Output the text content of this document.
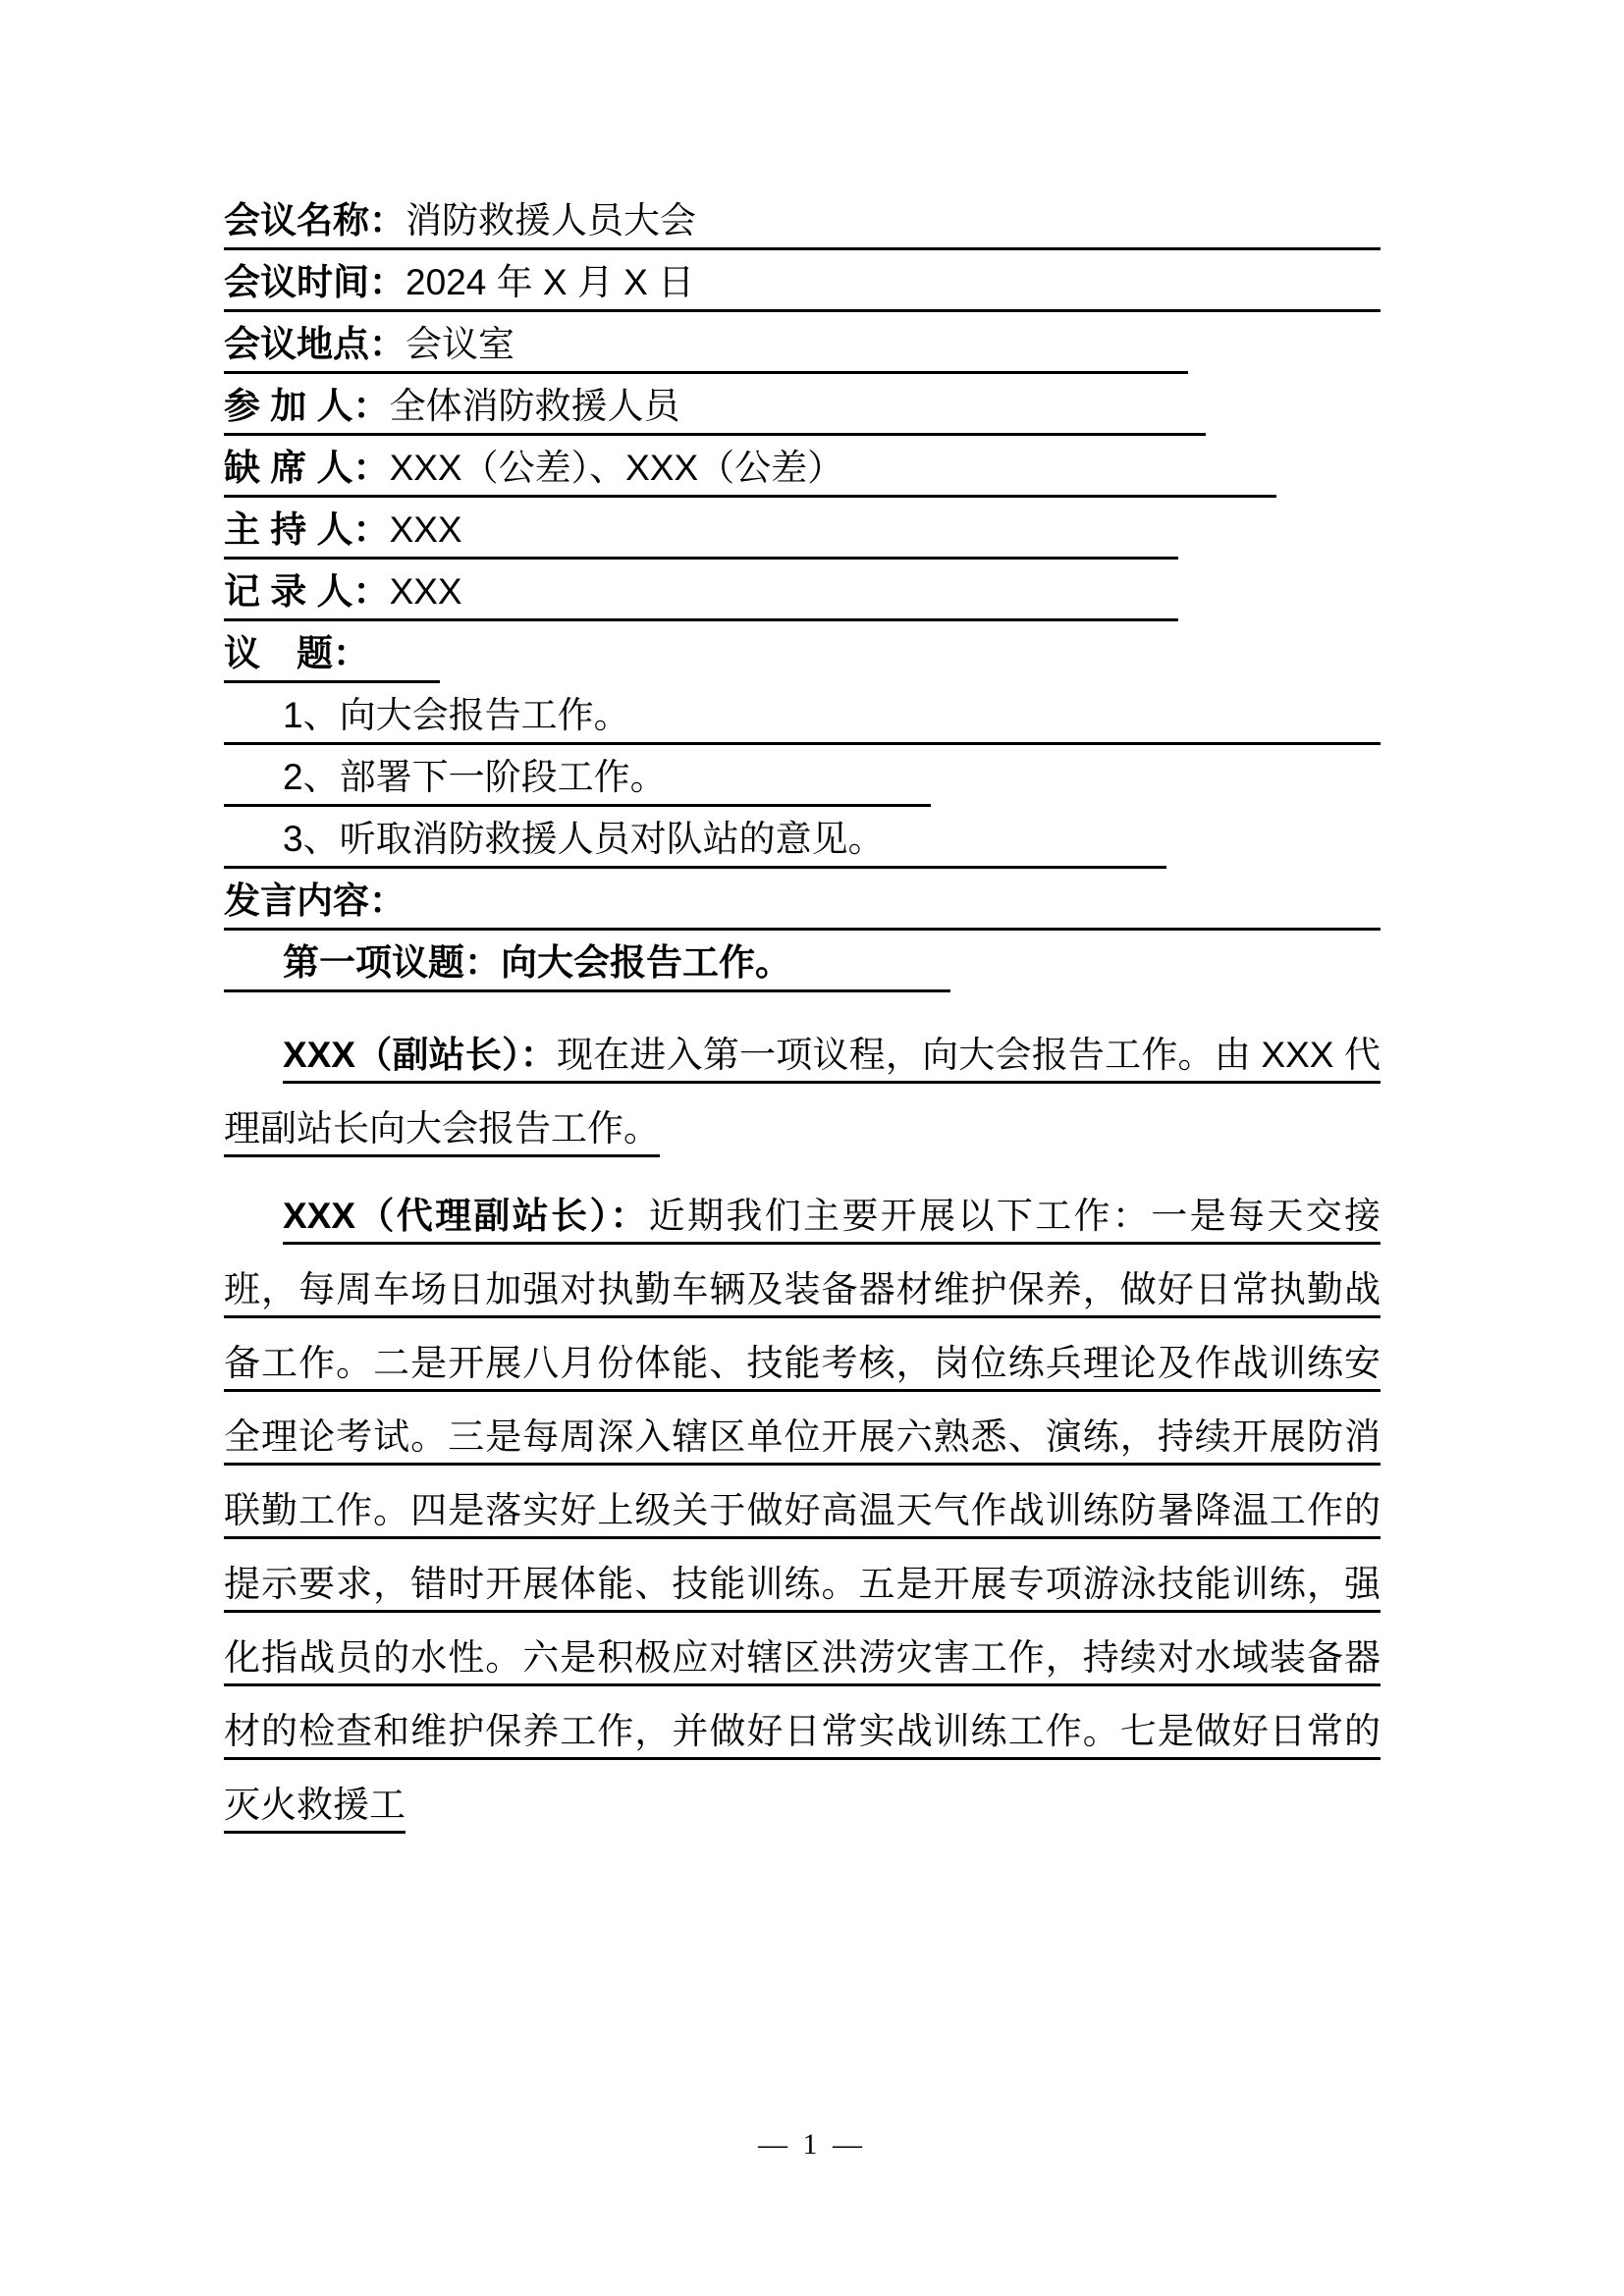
会议名称：消防救援人员大会
会议时间：2024 年 X 月 X 日
会议地点：会议室
参 加 人：全体消防救援人员
缺 席 人：XXX（公差）、XXX（公差）
主 持 人：XXX
记 录 人：XXX
议　题：
1、向大会报告工作。
2、部署下一阶段工作。
3、听取消防救援人员对队站的意见。
发言内容：
第一项议题：向大会报告工作。

XXX（副站长）：现在进入第一项议程，向大会报告工作。由 XXX 代理副站长向大会报告工作。

XXX（代理副站长）：近期我们主要开展以下工作：一是每天交接班，每周车场日加强对执勤车辆及装备器材维护保养，做好日常执勤战备工作。二是开展八月份体能、技能考核，岗位练兵理论及作战训练安全理论考试。三是每周深入辖区单位开展六熟悉、演练，持续开展防消联勤工作。四是落实好上级关于做好高温天气作战训练防暑降温工作的提示要求，错时开展体能、技能训练。五是开展专项游泳技能训练，强化指战员的水性。六是积极应对辖区洪涝灾害工作，持续对水域装备器材的检查和维护保养工作，并做好日常实战训练工作。七是做好日常的灭火救援工

— 1 —
